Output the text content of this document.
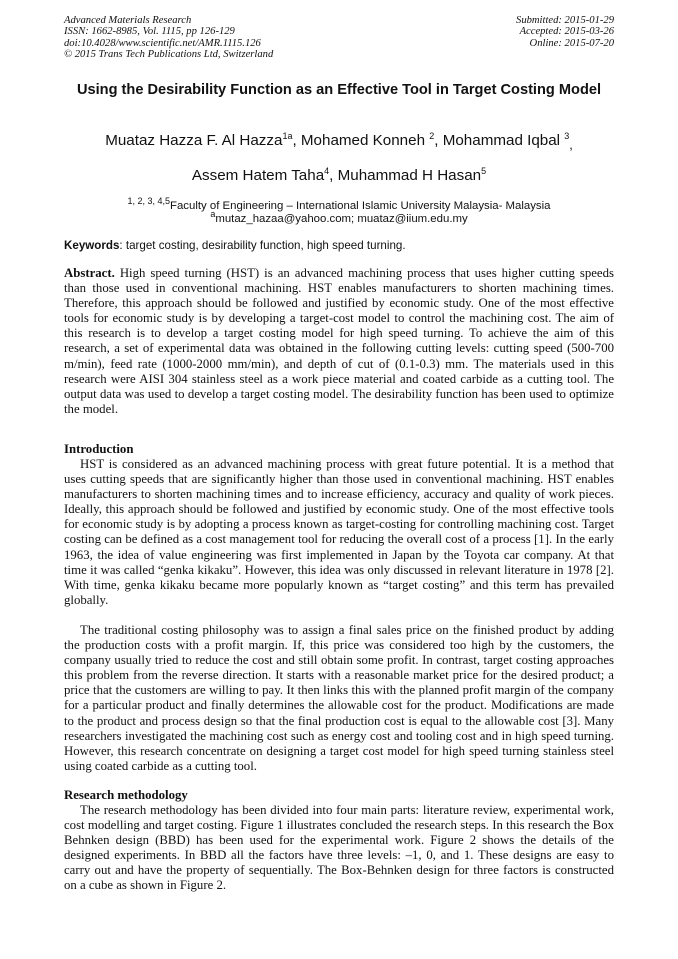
Advanced Materials Research
ISSN: 1662-8985, Vol. 1115, pp 126-129
doi:10.4028/www.scientific.net/AMR.1115.126
© 2015 Trans Tech Publications Ltd, Switzerland
Submitted: 2015-01-29
Accepted: 2015-03-26
Online: 2015-07-20
Using the Desirability Function as an Effective Tool in Target Costing Model
Muataz Hazza F. Al Hazza$^{1a}$, Mohamed Konneh $^2$, Mohammad Iqbal $^3_,$
Assem Hatem Taha$^4$, Muhammad H Hasan$^5$
$^{1, 2, 3, 4,5}$Faculty of Engineering – International Islamic University Malaysia- Malaysia
$^a$mutaz_hazaa@yahoo.com; muataz@iium.edu.my
Keywords: target costing, desirability function, high speed turning.

Abstract. High speed turning (HST) is an advanced machining process that uses higher cutting speeds than those used in conventional machining. HST enables manufacturers to shorten machining times. Therefore, this approach should be followed and justified by economic study. One of the most effective tools for economic study is by developing a target-cost model to control the machining cost. The aim of this research is to develop a target costing model for high speed turning. To achieve the aim of this research, a set of experimental data was obtained in the following cutting levels: cutting speed (500-700 m/min), feed rate (1000-2000 mm/min), and depth of cut of (0.1-0.3) mm. The materials used in this research were AISI 304 stainless steel as a work piece material and coated carbide as a cutting tool. The output data was used to develop a target costing model. The desirability function has been used to optimize the model.

Introduction

HST is considered as an advanced machining process with great future potential. It is a method that uses cutting speeds that are significantly higher than those used in conventional machining. HST enables manufacturers to shorten machining times and to increase efficiency, accuracy and quality of work pieces. Ideally, this approach should be followed and justified by economic study. One of the most effective tools for economic study is by adopting a process known as target-costing for controlling machining cost. Target costing can be defined as a cost management tool for reducing the overall cost of a process [1]. In the early 1963, the idea of value engineering was first implemented in Japan by the Toyota car company. At that time it was called “genka kikaku”. However, this idea was only discussed in relevant literature in 1978 [2]. With time, genka kikaku became more popularly known as “target costing” and this term has prevailed globally.

The traditional costing philosophy was to assign a final sales price on the finished product by adding the production costs with a profit margin. If, this price was considered too high by the customers, the company usually tried to reduce the cost and still obtain some profit. In contrast, target costing approaches this problem from the reverse direction. It starts with a reasonable market price for the desired product; a price that the customers are willing to pay. It then links this with the planned profit margin of the company for a particular product and finally determines the allowable cost for the product. Modifications are made to the product and process design so that the final production cost is equal to the allowable cost [3]. Many researchers investigated the machining cost such as energy cost and tooling cost and in high speed turning. However, this research concentrate on designing a target cost model for high speed turning stainless steel using coated carbide as a cutting tool.

Research methodology

The research methodology has been divided into four main parts: literature review, experimental work, cost modelling and target costing. Figure 1 illustrates concluded the research steps. In this research the Box Behnken design (BBD) has been used for the experimental work. Figure 2 shows the details of the designed experiments. In BBD all the factors have three levels: –1, 0, and 1. These designs are easy to carry out and have the property of sequentially. The Box-Behnken design for three factors is constructed on a cube as shown in Figure 2.
